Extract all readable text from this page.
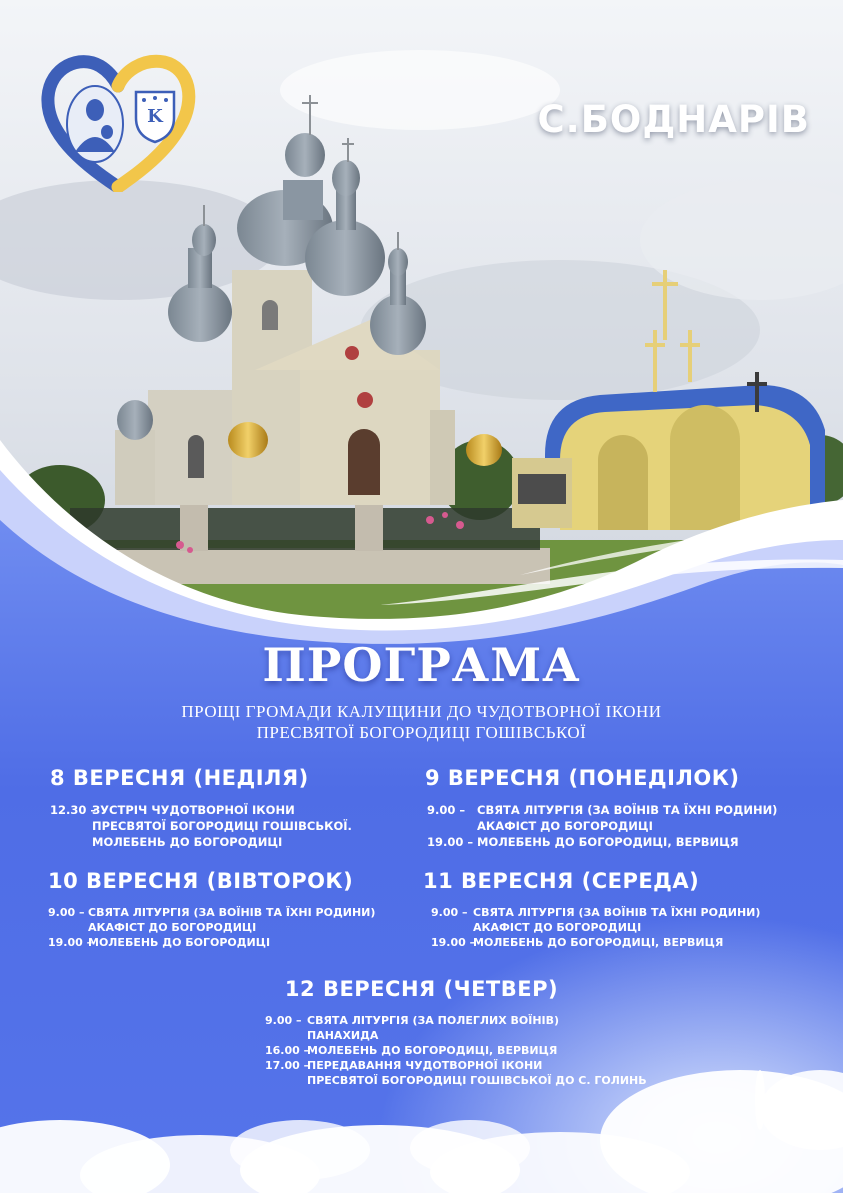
K	С.БОДНАРІВ
ПРОГРАМА
ПРОЩІ ГРОМАДИ КАЛУЩИНИ ДО ЧУДОТВОРНОЇ ІКОНИ
ПРЕСВЯТОЇ БОГОРОДИЦІ ГОШІВСЬКОЇ
8 ВЕРЕСНЯ (НЕДІЛЯ)
12.30 –
ЗУСТРІЧ ЧУДОТВОРНОЇ ІКОНИ
ПРЕСВЯТОЇ БОГОРОДИЦІ ГОШІВСЬКОЇ.
МОЛЕБЕНЬ ДО БОГОРОДИЦІ
9 ВЕРЕСНЯ (ПОНЕДІЛОК)
9.00 –	СВЯТА ЛІТУРГІЯ (ЗА ВОЇНІВ ТА ЇХНІ РОДИНИ)
АКАФІСТ ДО БОГОРОДИЦІ
19.00 – МОЛЕБЕНЬ ДО БОГОРОДИЦІ, ВЕРВИЦЯ
10 ВЕРЕСНЯ (ВІВТОРОК)
9.00 – СВЯТА ЛІТУРГІЯ (ЗА ВОЇНІВ ТА ЇХНІ РОДИНИ)
АКАФІСТ ДО БОГОРОДИЦІ
19.00 –
МОЛЕБЕНЬ ДО БОГОРОДИЦІ
11 ВЕРЕСНЯ (СЕРЕДА)
9.00 – СВЯТА ЛІТУРГІЯ (ЗА ВОЇНІВ ТА ЇХНІ РОДИНИ)
АКАФІСТ ДО БОГОРОДИЦІ
19.00 –
МОЛЕБЕНЬ ДО БОГОРОДИЦІ, ВЕРВИЦЯ
12 ВЕРЕСНЯ (ЧЕТВЕР)
9.00 – СВЯТА ЛІТУРГІЯ (ЗА ПОЛЕГЛИХ ВОЇНІВ)
ПАНАХИДА
16.00 –
МОЛЕБЕНЬ ДО БОГОРОДИЦІ, ВЕРВИЦЯ
17.00 –
ПЕРЕДАВАННЯ ЧУДОТВОРНОЇ ІКОНИ
ПРЕСВЯТОЇ БОГОРОДИЦІ ГОШІВСЬКОЇ ДО С. ГОЛИНЬ
